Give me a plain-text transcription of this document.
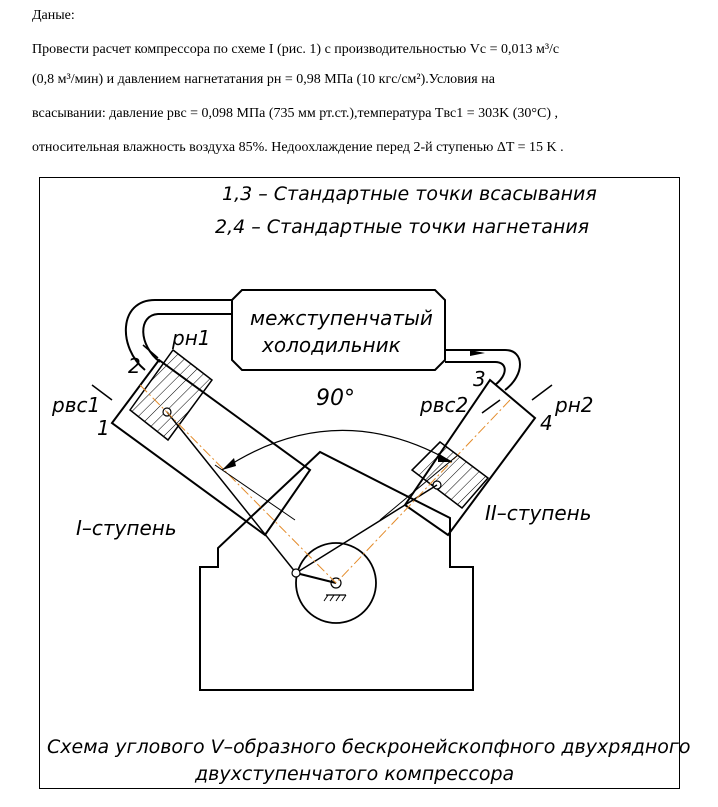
Даные:
Провести расчет компрессора по схеме I (рис. 1) с производительностью Vc = 0,013 м³/с
(0,8 м³/мин) и давлением нагнетатания pн = 0,98 МПа (10 кгс/см²).Условия на
всасывании: давление pвс = 0,098 МПа (735 мм рт.ст.),температура Tвс1 = 303K (30°C) ,
относительная влажность воздуха 85%. Недоохлаждение перед 2-й ступенью ΔT = 15 K .
1,3 – Стандартные точки всасывания
2,4 – Стандартные точки нагнетания
90°
межступенчатый
холодильник
pн1
pвс1	pвс2	pн2
1
2
3
4
I–ступень
II–ступень
Схема углового V–образного бескронейскопфного двухрядного
двухступенчатого компрессора
